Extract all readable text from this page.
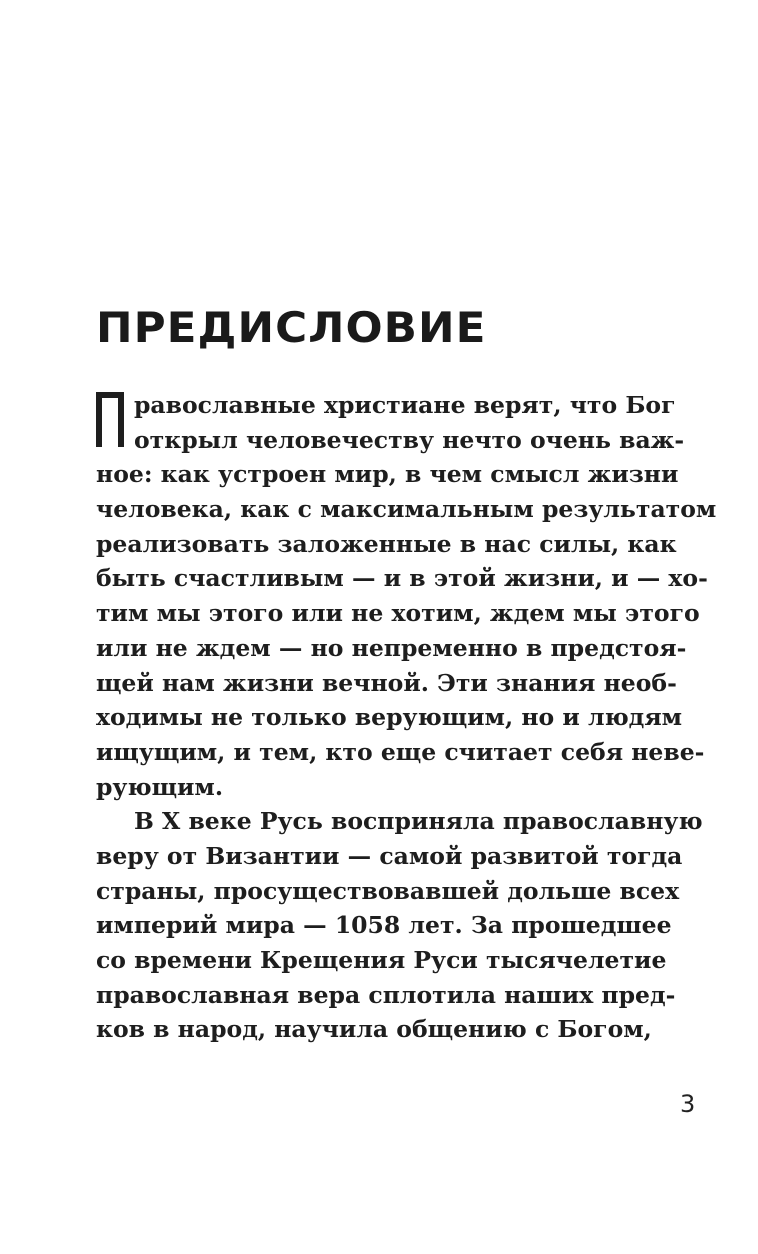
ПРЕДИСЛОВИЕ
равославные христиане верят, что Бог
открыл человечеству нечто очень важ-
ное: как устроен мир, в чем смысл жизни
человека, как с максимальным результатом
реализовать заложенные в нас силы, как
быть счастливым — и в этой жизни, и — хо-
тим мы этого или не хотим, ждем мы этого
или не ждем — но непременно в предстоя-
щей нам жизни вечной. Эти знания необ-
ходимы не только верующим, но и людям
ищущим, и тем, кто еще считает себя неве-
рующим.
В X веке Русь восприняла православную
веру от Византии — самой развитой тогда
страны, просуществовавшей дольше всех
империй мира — 1058 лет. За прошедшее
со времени Крещения Руси тысячелетие
православная вера сплотила наших пред-
ков в народ, научила общению с Богом,
3
